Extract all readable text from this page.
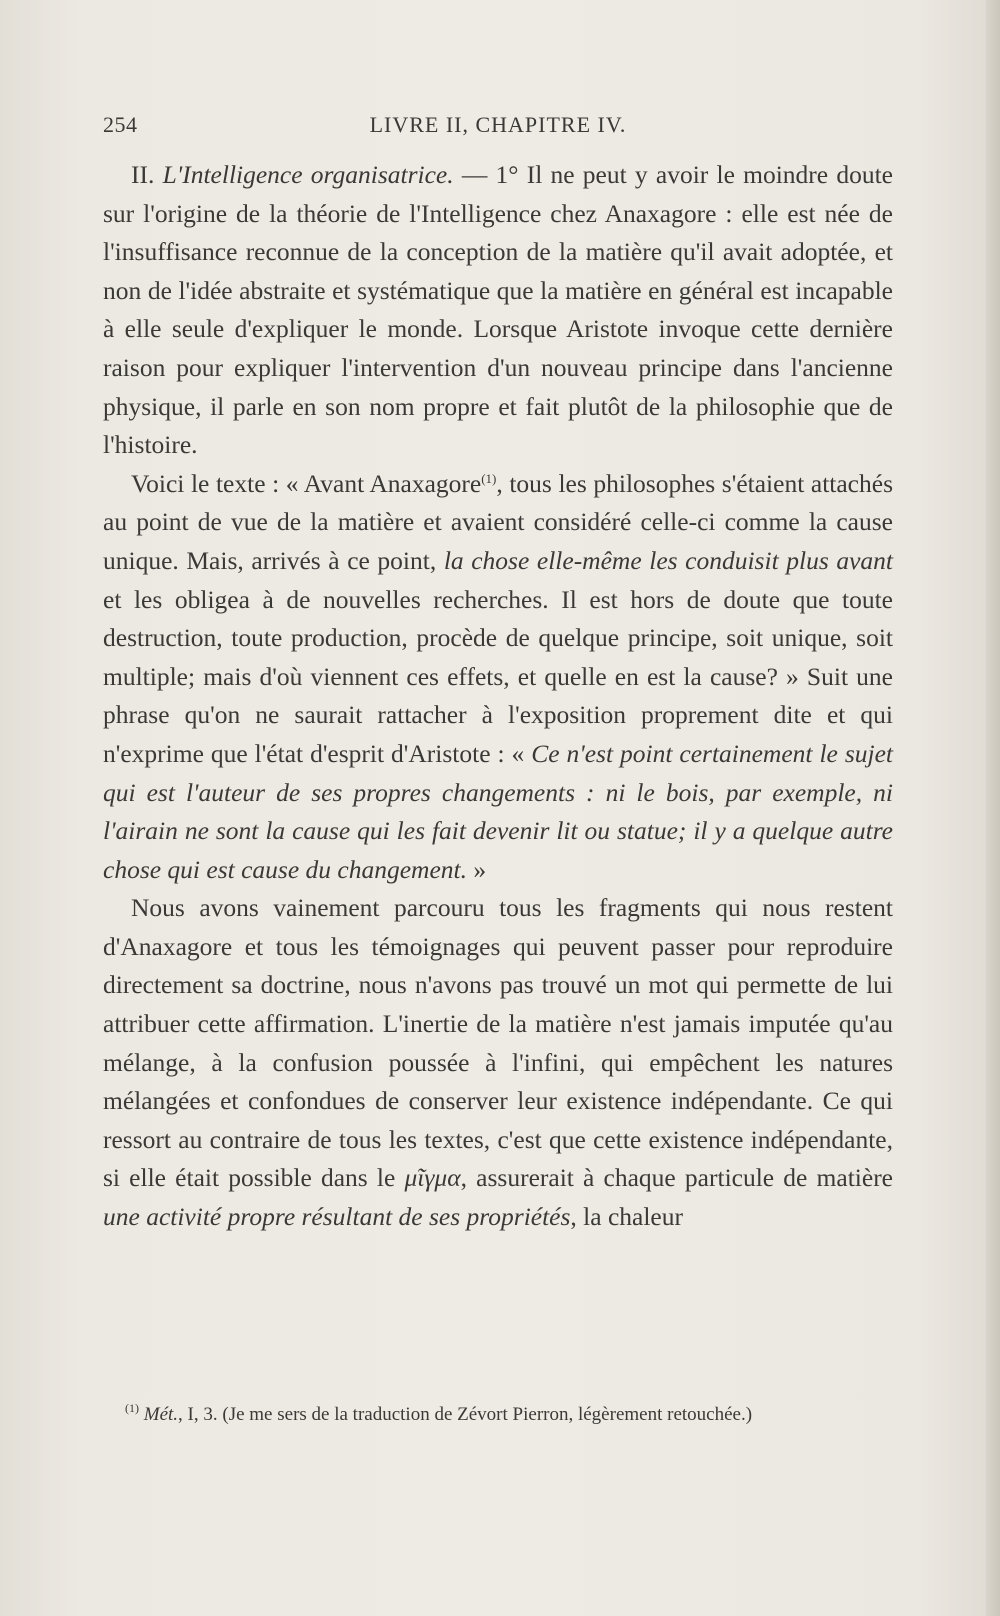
254	LIVRE II, CHAPITRE IV.

II. L'Intelligence organisatrice. — 1° Il ne peut y avoir le moindre doute sur l'origine de la théorie de l'Intelligence chez Anaxagore : elle est née de l'insuffisance reconnue de la conception de la matière qu'il avait adoptée, et non de l'idée abstraite et systématique que la matière en général est incapable à elle seule d'expliquer le monde. Lorsque Aristote invoque cette dernière raison pour expliquer l'intervention d'un nouveau principe dans l'ancienne physique, il parle en son nom propre et fait plutôt de la philosophie que de l'histoire.

Voici le texte : « Avant Anaxagore$^{(1)}$, tous les philosophes s'étaient attachés au point de vue de la matière et avaient considéré celle-ci comme la cause unique. Mais, arrivés à ce point, la chose elle-même les conduisit plus avant et les obligea à de nouvelles recherches. Il est hors de doute que toute destruction, toute production, procède de quelque principe, soit unique, soit multiple; mais d'où viennent ces effets, et quelle en est la cause? » Suit une phrase qu'on ne saurait rattacher à l'exposition proprement dite et qui n'exprime que l'état d'esprit d'Aristote : « Ce n'est point certainement le sujet qui est l'auteur de ses propres changements : ni le bois, par exemple, ni l'airain ne sont la cause qui les fait devenir lit ou statue; il y a quelque autre chose qui est cause du changement. »

Nous avons vainement parcouru tous les fragments qui nous restent d'Anaxagore et tous les témoignages qui peuvent passer pour reproduire directement sa doctrine, nous n'avons pas trouvé un mot qui permette de lui attribuer cette affirmation. L'inertie de la matière n'est jamais imputée qu'au mélange, à la confusion poussée à l'infini, qui empêchent les natures mélangées et confondues de conserver leur existence indépendante. Ce qui ressort au contraire de tous les textes, c'est que cette existence indépendante, si elle était possible dans le μῖγμα, assurerait à chaque particule de matière une activité propre résultant de ses propriétés, la chaleur

$^{(1)}$ Mét., I, 3. (Je me sers de la traduction de Zévort Pierron, légèrement retouchée.)
